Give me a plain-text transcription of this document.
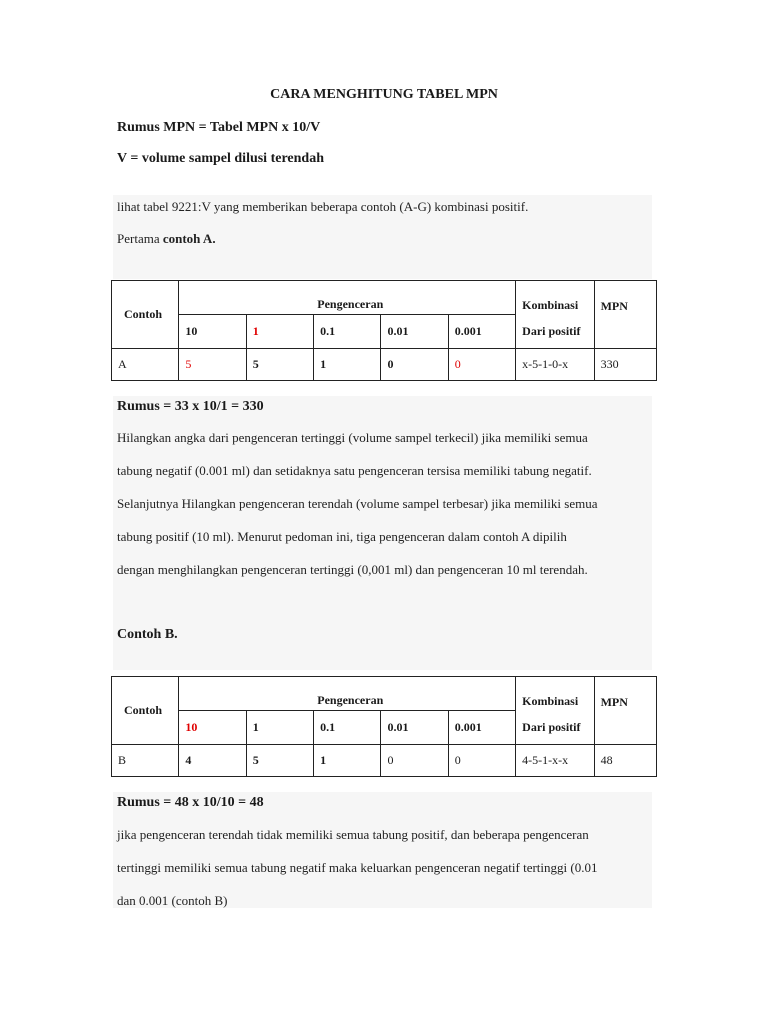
CARA MENGHITUNG TABEL MPN
Rumus MPN = Tabel MPN x 10/V
V = volume sampel dilusi terendah
lihat tabel 9221:V yang memberikan beberapa contoh (A-G) kombinasi positif.
Pertama contoh A.
Contoh	Pengenceran					Kombinasi	MPN
	10	1	0.1	0.01	0.001	Dari positif	
A	5	5	1	0	0	x-5-1-0-x	330
Rumus = 33 x 10/1 = 330

Hilangkan angka dari pengenceran tertinggi (volume sampel terkecil) jika memiliki semua

tabung negatif (0.001 ml) dan setidaknya satu pengenceran tersisa memiliki tabung negatif.

Selanjutnya Hilangkan pengenceran terendah (volume sampel terbesar) jika memiliki semua

tabung positif (10 ml). Menurut pedoman ini, tiga pengenceran dalam contoh A dipilih

dengan menghilangkan pengenceran tertinggi (0,001 ml) dan pengenceran 10 ml terendah.

Contoh B.
Contoh	Pengenceran					Kombinasi	MPN
	10	1	0.1	0.01	0.001	Dari positif	
B	4	5	1	0	0	4-5-1-x-x	48
Rumus = 48 x 10/10 = 48

jika pengenceran terendah tidak memiliki semua tabung positif, dan beberapa pengenceran

tertinggi memiliki semua tabung negatif maka keluarkan pengenceran negatif tertinggi (0.01

dan 0.001 (contoh B)
